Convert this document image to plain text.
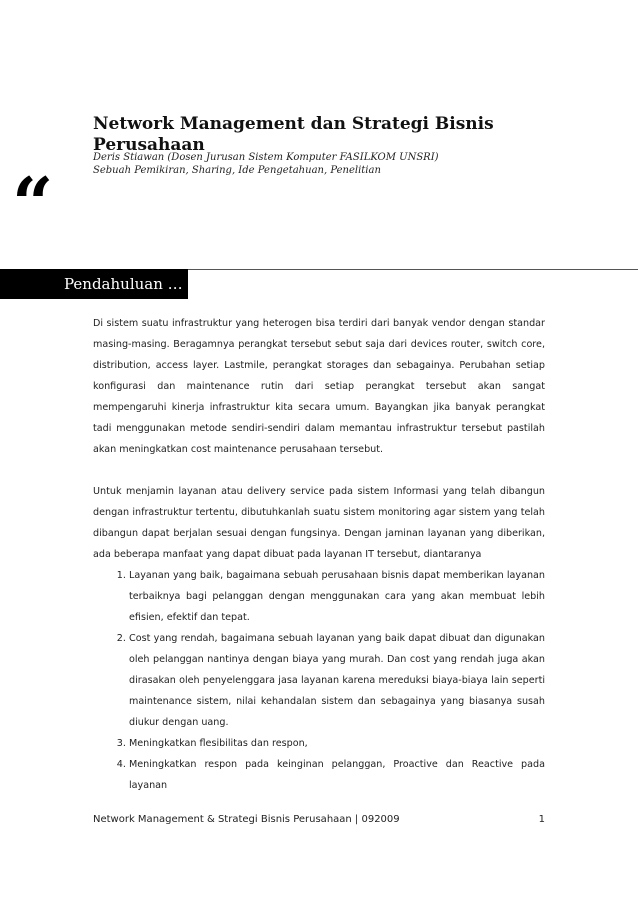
Network Management dan Strategi Bisnis Perusahaan
Deris Stiawan (Dosen Jurusan Sistem Komputer FASILKOM UNSRI)
Sebuah Pemikiran, Sharing, Ide Pengetahuan, Penelitian
“
Pendahuluan …

Di sistem suatu infrastruktur yang heterogen bisa terdiri dari banyak vendor dengan standar masing-masing. Beragamnya perangkat tersebut sebut saja dari devices router, switch core, distribution, access layer. Lastmile, perangkat storages dan sebagainya. Perubahan setiap konfigurasi dan maintenance rutin dari setiap perangkat tersebut akan sangat mempengaruhi kinerja infrastruktur kita secara umum. Bayangkan jika banyak perangkat tadi menggunakan metode sendiri-sendiri dalam memantau infrastruktur tersebut pastilah akan meningkatkan cost maintenance perusahaan tersebut.

Untuk menjamin layanan atau delivery service pada sistem Informasi yang telah dibangun dengan infrastruktur tertentu, dibutuhkanlah suatu sistem monitoring agar sistem yang telah dibangun dapat berjalan sesuai dengan fungsinya. Dengan jaminan layanan yang diberikan, ada beberapa manfaat yang dapat dibuat pada layanan IT tersebut, diantaranya

1. Layanan yang baik, bagaimana sebuah perusahaan bisnis dapat memberikan layanan terbaiknya bagi pelanggan dengan menggunakan cara yang akan membuat lebih efisien, efektif dan tepat.
2. Cost yang rendah, bagaimana sebuah layanan yang baik dapat dibuat dan digunakan oleh pelanggan nantinya dengan biaya yang murah. Dan cost yang rendah juga akan dirasakan oleh penyelenggara jasa layanan karena mereduksi biaya-biaya lain seperti maintenance sistem, nilai kehandalan sistem dan sebagainya yang biasanya susah diukur dengan uang.
3. Meningkatkan flesibilitas dan respon,
4. Meningkatkan respon pada keinginan pelanggan, Proactive dan Reactive pada layanan
Network Management & Strategi Bisnis Perusahaan | 092009	1
